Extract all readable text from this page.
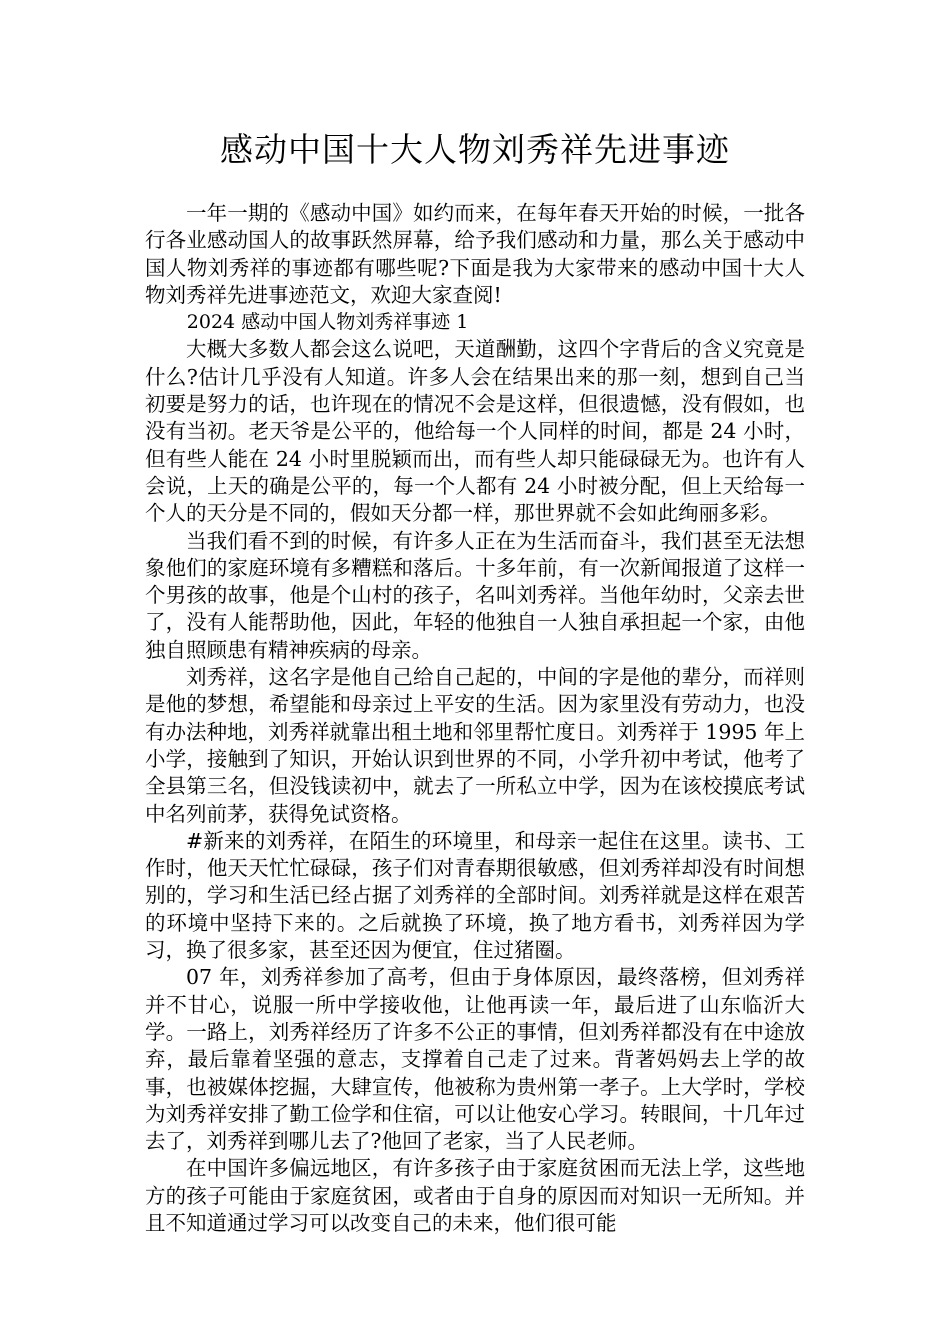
感动中国十大人物刘秀祥先进事迹

一年一期的《感动中国》如约而来，在每年春天开始的时候，一批各行各业感动国人的故事跃然屏幕，给予我们感动和力量，那么关于感动中国人物刘秀祥的事迹都有哪些呢?下面是我为大家带来的感动中国十大人物刘秀祥先进事迹范文，欢迎大家查阅!

2024 感动中国人物刘秀祥事迹 1

大概大多数人都会这么说吧，天道酬勤，这四个字背后的含义究竟是什么?估计几乎没有人知道。许多人会在结果出来的那一刻，想到自己当初要是努力的话，也许现在的情况不会是这样，但很遗憾，没有假如，也没有当初。老天爷是公平的，他给每一个人同样的时间，都是 24 小时，但有些人能在 24 小时里脱颖而出，而有些人却只能碌碌无为。也许有人会说，上天的确是公平的，每一个人都有 24 小时被分配，但上天给每一个人的天分是不同的，假如天分都一样，那世界就不会如此绚丽多彩。

当我们看不到的时候，有许多人正在为生活而奋斗，我们甚至无法想象他们的家庭环境有多糟糕和落后。十多年前，有一次新闻报道了这样一个男孩的故事，他是个山村的孩子，名叫刘秀祥。当他年幼时，父亲去世了，没有人能帮助他，因此，年轻的他独自一人独自承担起一个家，由他独自照顾患有精神疾病的母亲。

刘秀祥，这名字是他自己给自己起的，中间的字是他的辈分，而祥则是他的梦想，希望能和母亲过上平安的生活。因为家里没有劳动力，也没有办法种地，刘秀祥就靠出租土地和邻里帮忙度日。刘秀祥于 1995 年上小学，接触到了知识，开始认识到世界的不同，小学升初中考试，他考了全县第三名，但没钱读初中，就去了一所私立中学，因为在该校摸底考试中名列前茅，获得免试资格。

#新来的刘秀祥，在陌生的环境里，和母亲一起住在这里。读书、工作时，他天天忙忙碌碌，孩子们对青春期很敏感，但刘秀祥却没有时间想别的，学习和生活已经占据了刘秀祥的全部时间。刘秀祥就是这样在艰苦的环境中坚持下来的。之后就换了环境，换了地方看书，刘秀祥因为学习，换了很多家，甚至还因为便宜，住过猪圈。

07 年，刘秀祥参加了高考，但由于身体原因，最终落榜，但刘秀祥并不甘心，说服一所中学接收他，让他再读一年，最后进了山东临沂大学。一路上，刘秀祥经历了许多不公正的事情，但刘秀祥都没有在中途放弃，最后靠着坚强的意志，支撑着自己走了过来。背著妈妈去上学的故事，也被媒体挖掘，大肆宣传，他被称为贵州第一孝子。上大学时，学校为刘秀祥安排了勤工俭学和住宿，可以让他安心学习。转眼间，十几年过去了，刘秀祥到哪儿去了?他回了老家，当了人民老师。

在中国许多偏远地区，有许多孩子由于家庭贫困而无法上学，这些地方的孩子可能由于家庭贫困，或者由于自身的原因而对知识一无所知。并且不知道通过学习可以改变自己的未来，他们很可能
